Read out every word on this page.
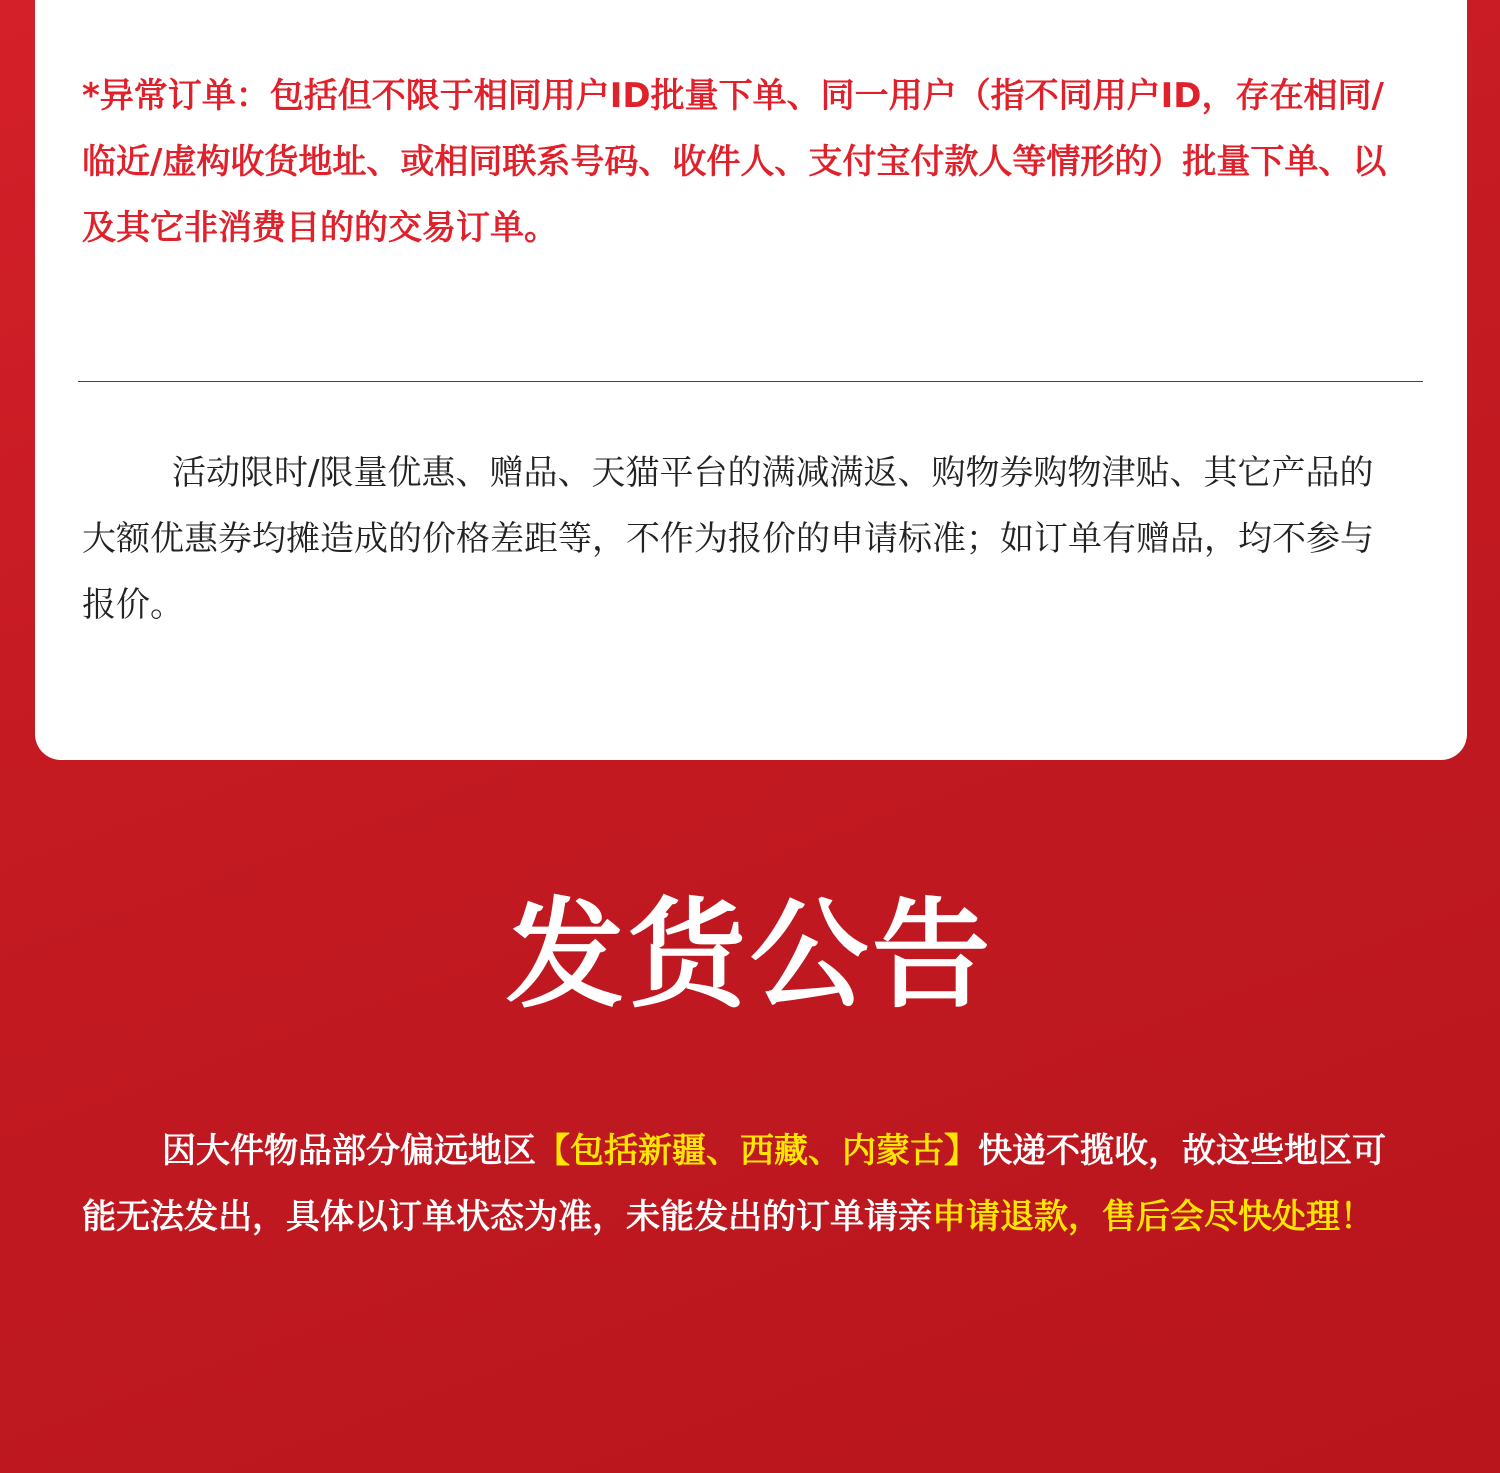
*异常订单：包括但不限于相同用户ID批量下单、同一用户（指不同用户ID，存在相同/临近/虚构收货地址、或相同联系号码、收件人、支付宝付款人等情形的）批量下单、以及其它非消费目的的交易订单。

活动限时/限量优惠、赠品、天猫平台的满减满返、购物券购物津贴、其它产品的大额优惠券均摊造成的价格差距等，不作为报价的申请标准；如订单有赠品，均不参与报价。

发货公告

因大件物品部分偏远地区【包括新疆、西藏、内蒙古】快递不揽收，故这些地区可能无法发出，具体以订单状态为准，未能发出的订单请亲申请退款，售后会尽快处理！
